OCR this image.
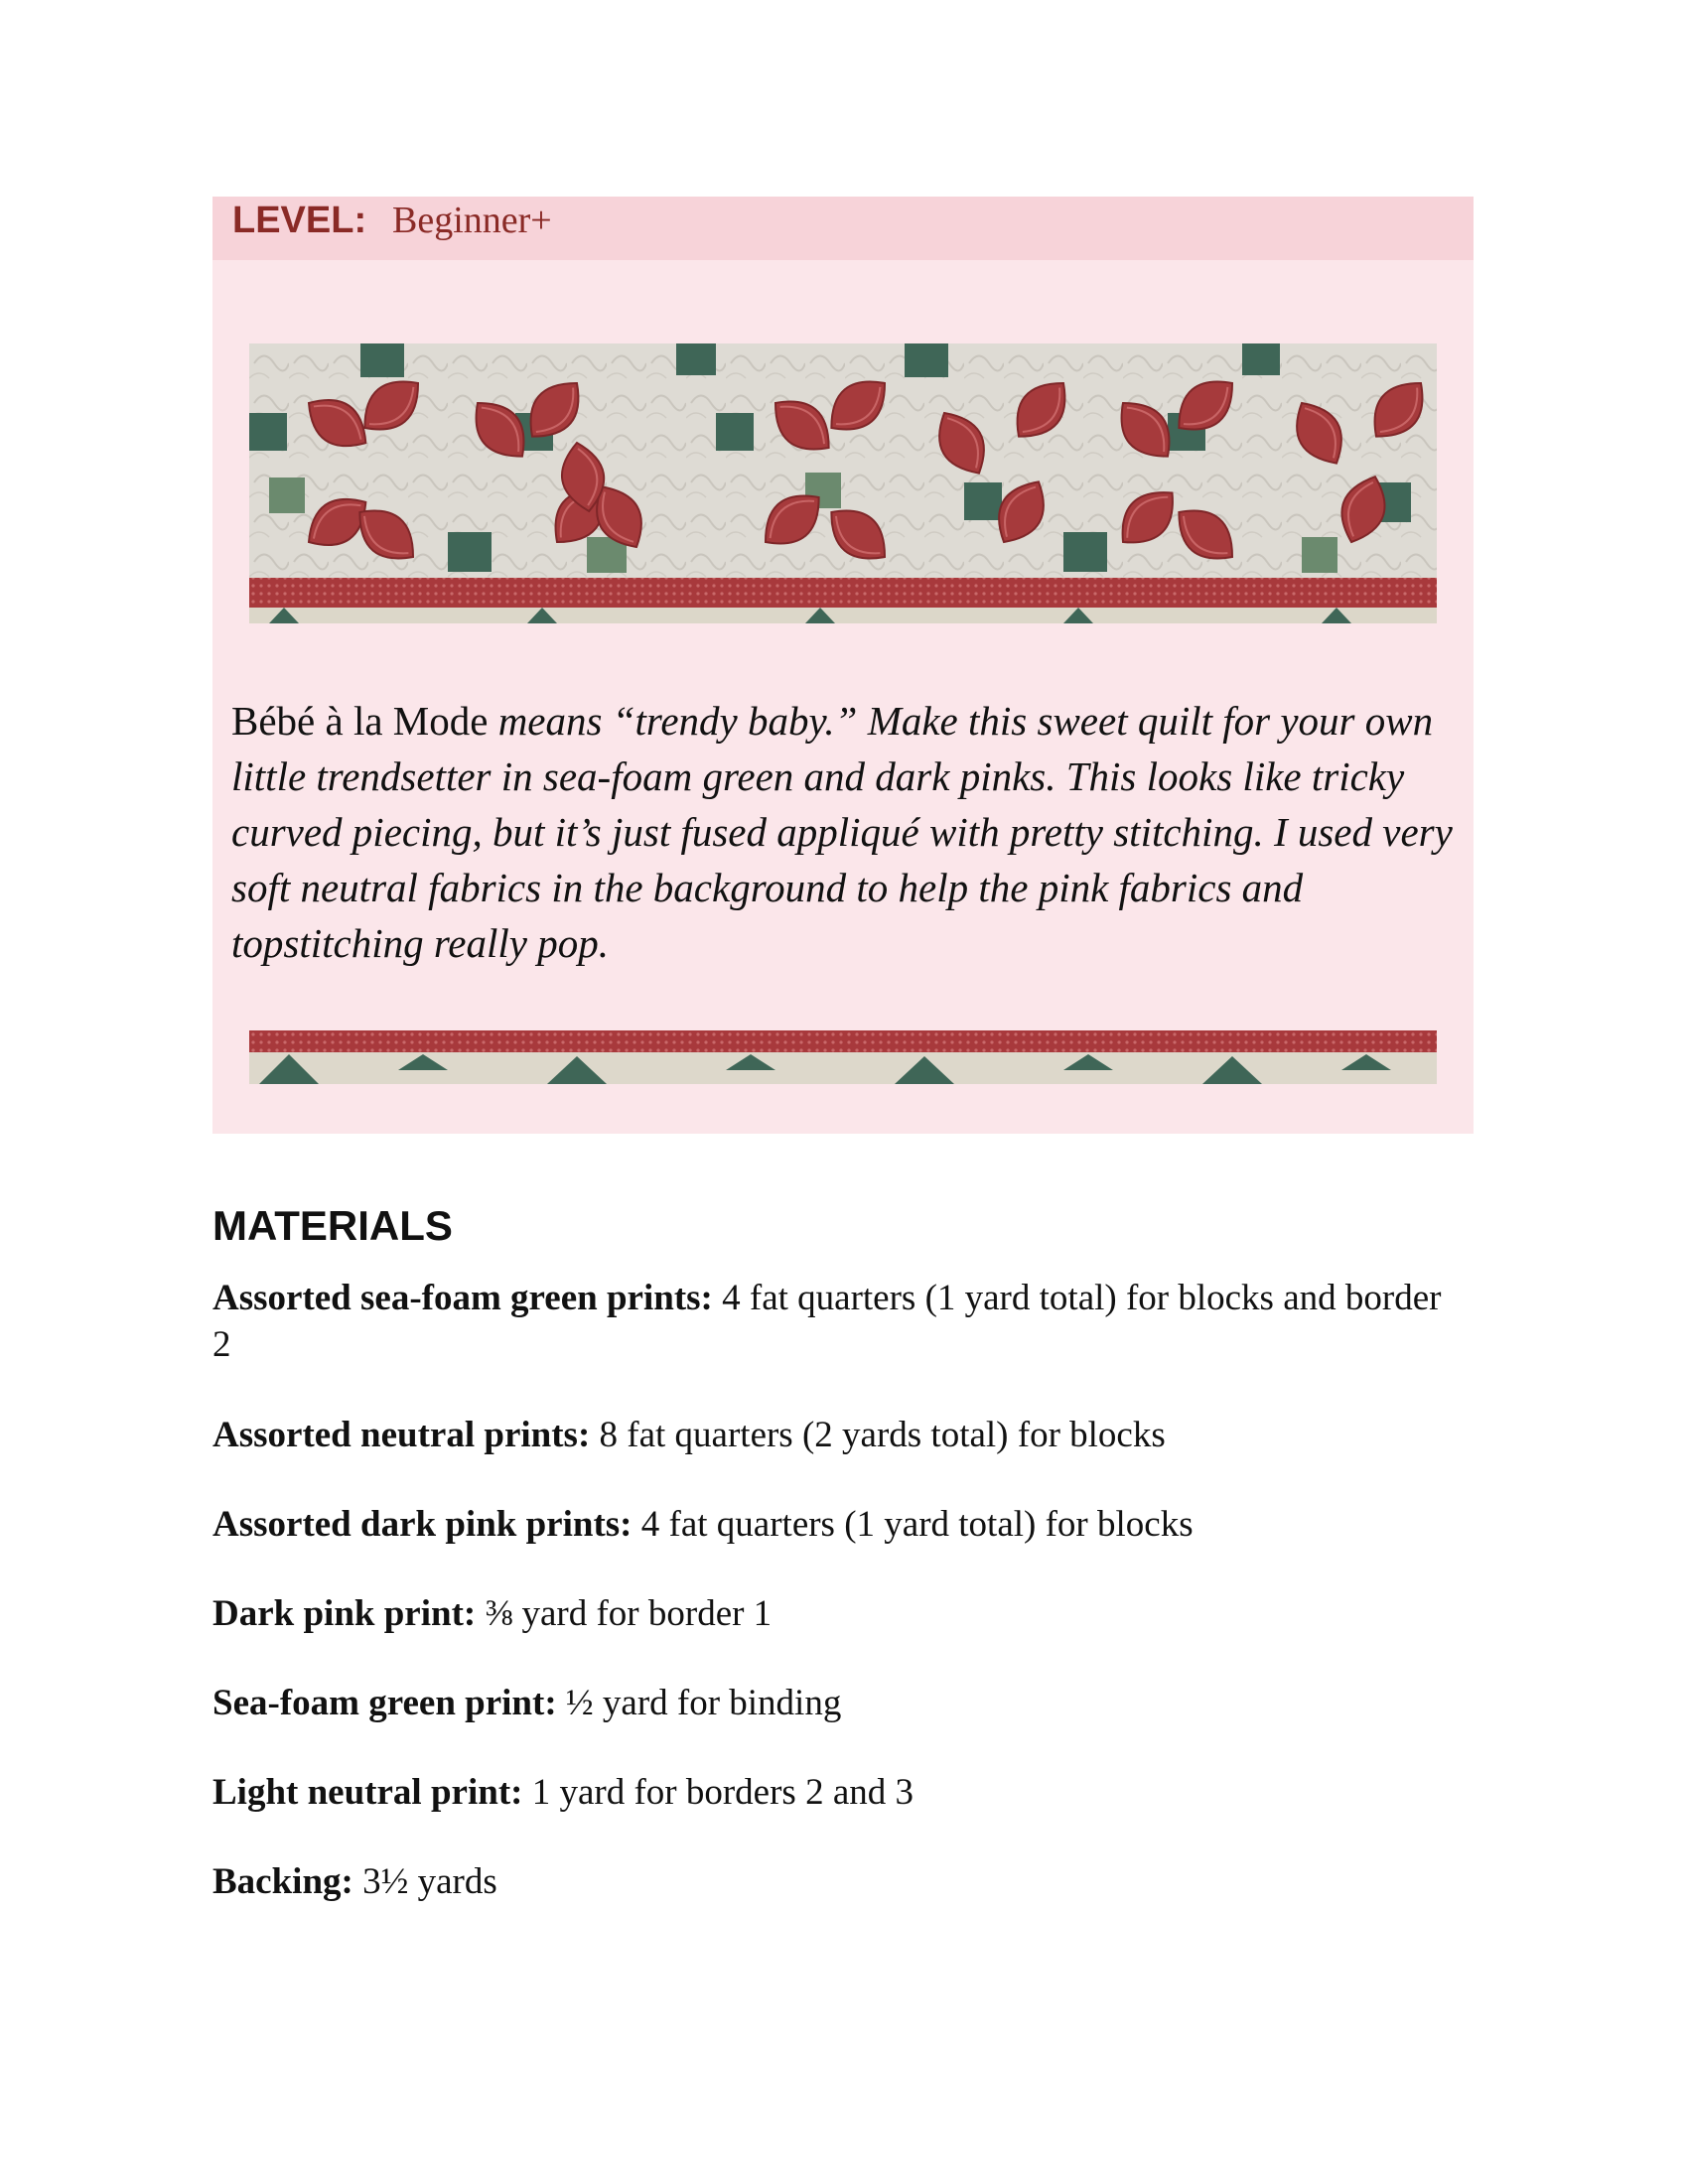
LEVEL: Beginner+

Bébé à la Mode means “trendy baby.” Make this sweet quilt for your own little trendsetter in sea-foam green and dark pinks. This looks like tricky curved piecing, but it’s just fused appliqué with pretty stitching. I used very soft neutral fabrics in the background to help the pink fabrics and topstitching really pop.

MATERIALS
Assorted sea-foam green prints: 4 fat quarters (1 yard total) for blocks and border 2
Assorted neutral prints: 8 fat quarters (2 yards total) for blocks
Assorted dark pink prints: 4 fat quarters (1 yard total) for blocks
Dark pink print: ⅜ yard for border 1
Sea-foam green print: ½ yard for binding
Light neutral print: 1 yard for borders 2 and 3
Backing: 3½ yards
